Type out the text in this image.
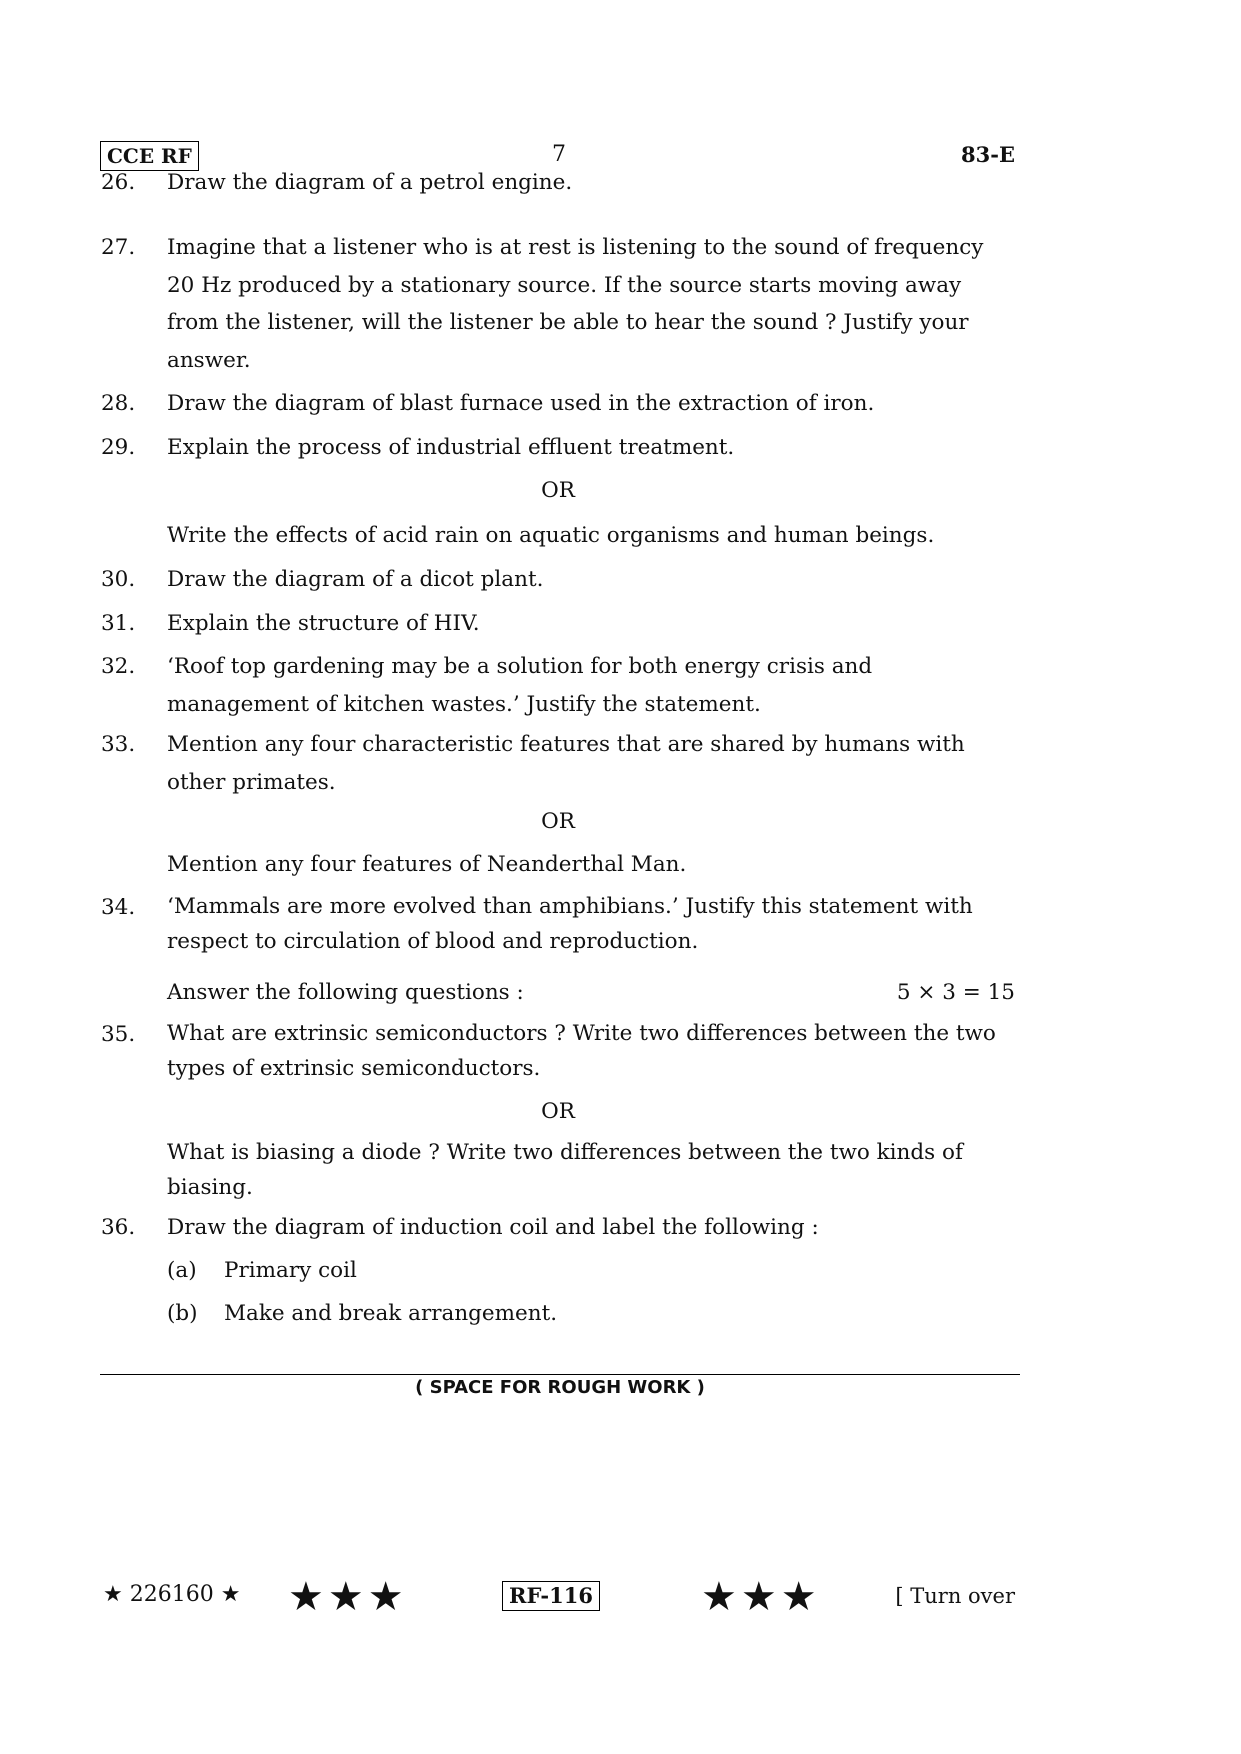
CCE RF	7	83-E
26. Draw the diagram of a petrol engine.
27. Imagine that a listener who is at rest is listening to the sound of frequency
20 Hz produced by a stationary source. If the source starts moving away
from the listener, will the listener be able to hear the sound ? Justify your
answer.
28. Draw the diagram of blast furnace used in the extraction of iron.
29. Explain the process of industrial effluent treatment.
OR
Write the effects of acid rain on aquatic organisms and human beings.
30. Draw the diagram of a dicot plant.
31. Explain the structure of HIV.
32. ‘Roof top gardening may be a solution for both energy crisis and
management of kitchen wastes.’ Justify the statement.
33. Mention any four characteristic features that are shared by humans with
other primates.
OR
Mention any four features of Neanderthal Man.
34. ‘Mammals are more evolved than amphibians.’ Justify this statement with
respect to circulation of blood and reproduction.
Answer the following questions :	5 × 3 = 15
35. What are extrinsic semiconductors ? Write two differences between the two
types of extrinsic semiconductors.
OR
What is biasing a diode ? Write two differences between the two kinds of
biasing.
36. Draw the diagram of induction coil and label the following :
(a) Primary coil
(b) Make and break arrangement.
( SPACE FOR ROUGH WORK )
★ 226160 ★ ★★★	RF-116	★★★	[ Turn over
